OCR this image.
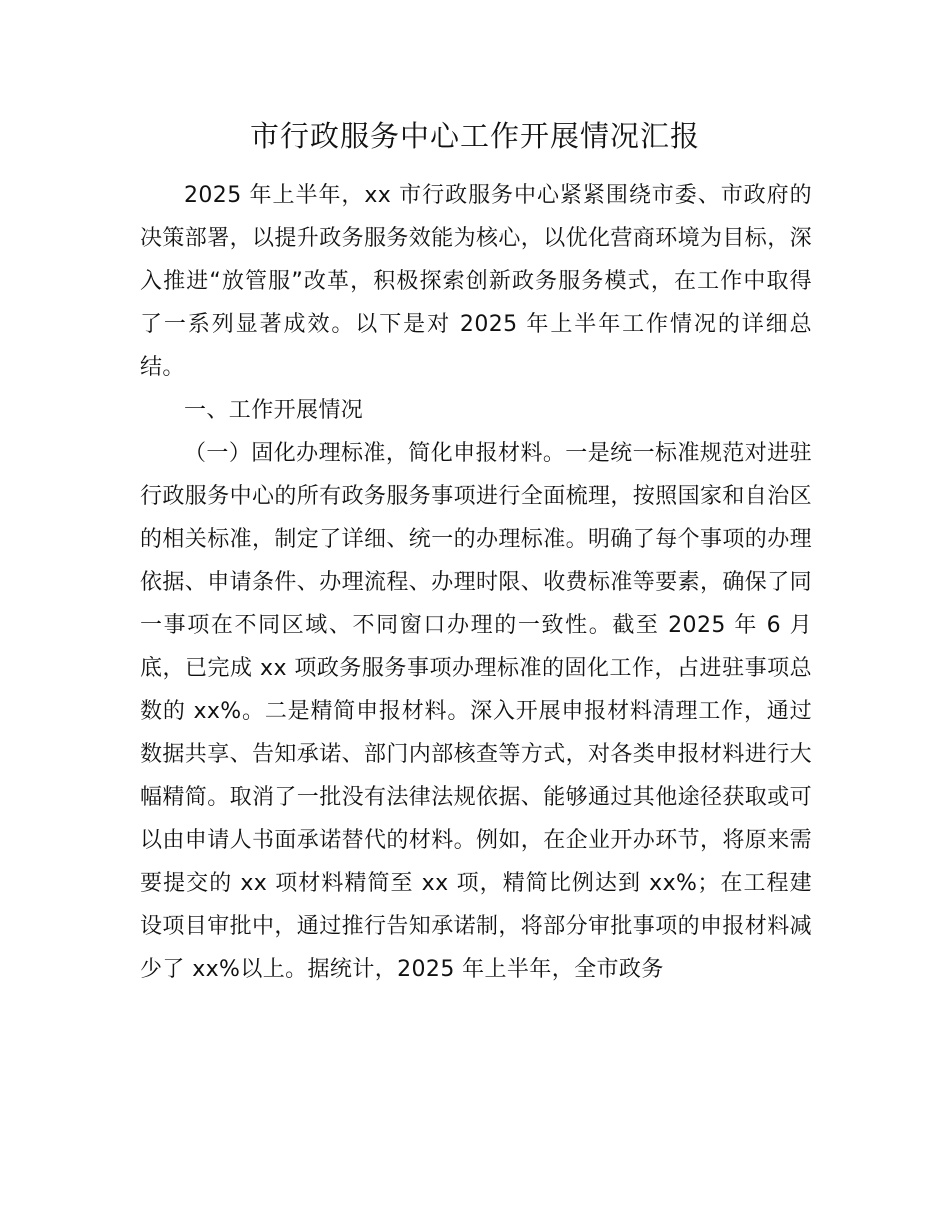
市行政服务中心工作开展情况汇报

2025 年上半年，xx 市行政服务中心紧紧围绕市委、市政府的决策部署，以提升政务服务效能为核心，以优化营商环境为目标，深入推进“放管服”改革，积极探索创新政务服务模式，在工作中取得了一系列显著成效。以下是对 2025 年上半年工作情况的详细总结。

一、工作开展情况

（一）固化办理标准，简化申报材料。一是统一标准规范对进驻行政服务中心的所有政务服务事项进行全面梳理，按照国家和自治区的相关标准，制定了详细、统一的办理标准。明确了每个事项的办理依据、申请条件、办理流程、办理时限、收费标准等要素，确保了同一事项在不同区域、不同窗口办理的一致性。截至 2025 年 6 月底，已完成 xx 项政务服务事项办理标准的固化工作，占进驻事项总数的 xx%。二是精简申报材料。深入开展申报材料清理工作，通过数据共享、告知承诺、部门内部核查等方式，对各类申报材料进行大幅精简。取消了一批没有法律法规依据、能够通过其他途径获取或可以由申请人书面承诺替代的材料。例如，在企业开办环节，将原来需要提交的 xx 项材料精简至 xx 项，精简比例达到 xx%；在工程建设项目审批中，通过推行告知承诺制，将部分审批事项的申报材料减少了 xx%以上。据统计，2025 年上半年，全市政务
